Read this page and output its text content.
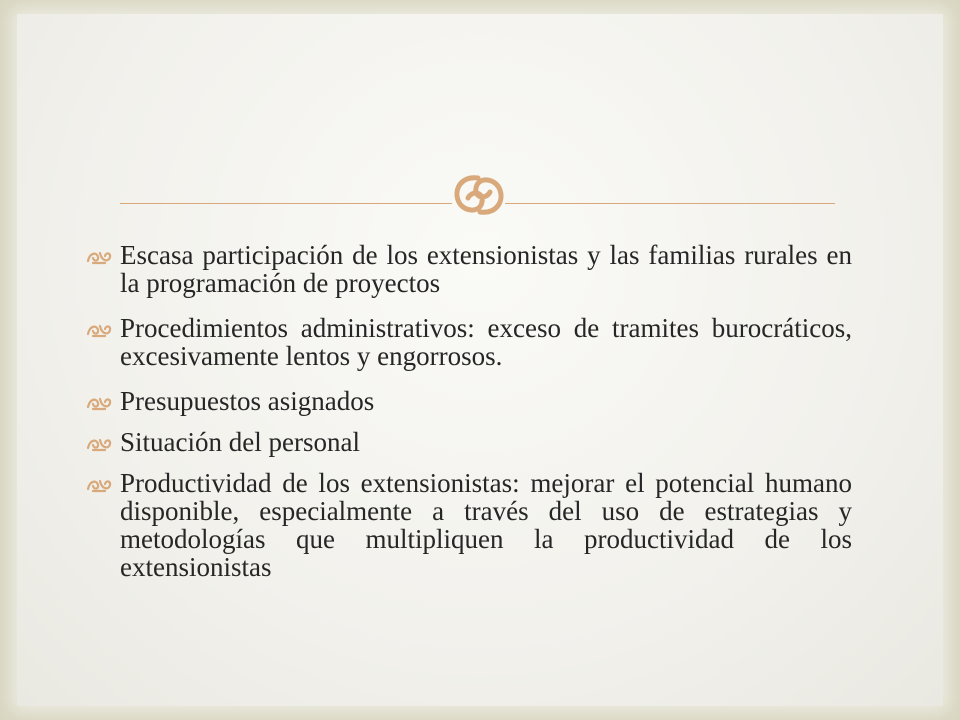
Escasa participación de los extensionistas y las familias rurales en la programación de proyectos
Procedimientos administrativos: exceso de tramites burocráticos, excesivamente lentos y engorrosos.
Presupuestos asignados
Situación del personal
Productividad de los extensionistas: mejorar el potencial humano disponible, especialmente a través del uso de estrategias y metodologías que multipliquen la productividad de los extensionistas
